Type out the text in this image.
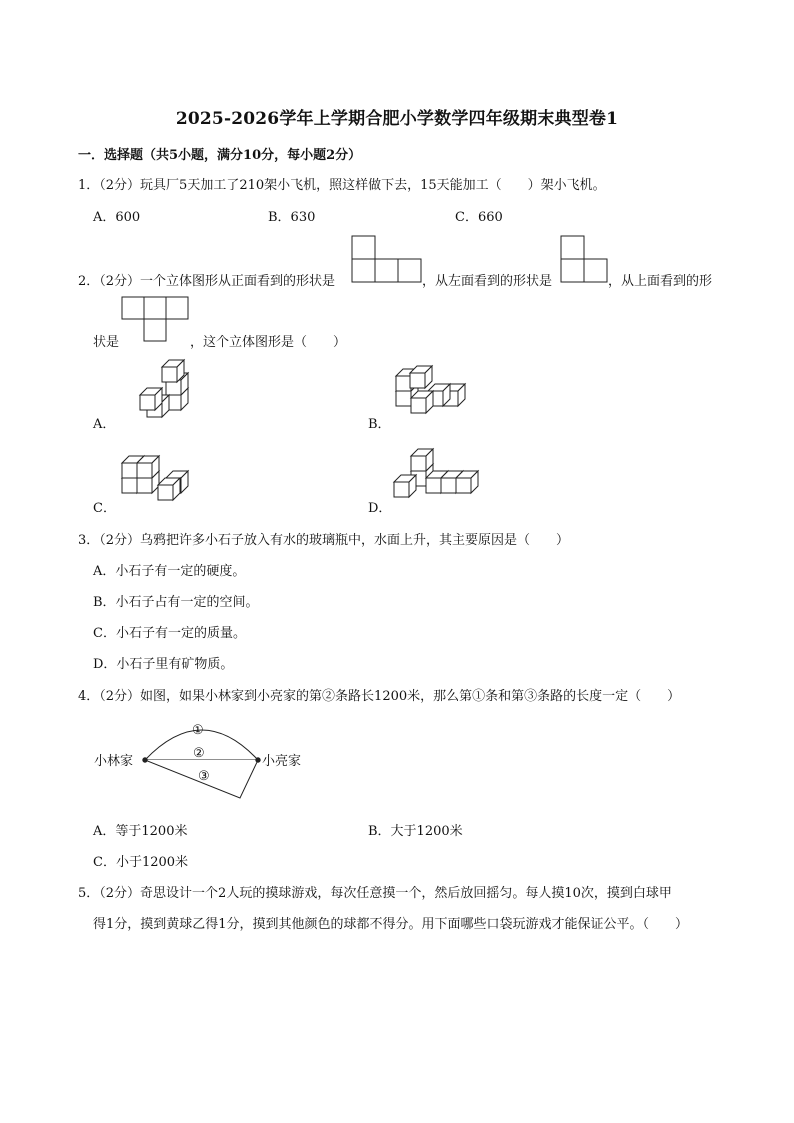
2025-2026学年上学期合肥小学数学四年级期末典型卷1
一．选择题（共5小题，满分10分，每小题2分）
1．（2分）玩具厂5天加工了210架小飞机，照这样做下去，15天能加工（　　）架小飞机。
A．600	B．630	C．660
2．（2分）一个立体图形从正面看到的形状是	，从左面看到的形状是	，从上面看到的形
状是	，这个立体图形是（　　）
A．	B．
C．	D．
3．（2分）乌鸦把许多小石子放入有水的玻璃瓶中，水面上升，其主要原因是（　　）
A．小石子有一定的硬度。
B．小石子占有一定的空间。
C．小石子有一定的质量。
D．小石子里有矿物质。
4．（2分）如图，如果小林家到小亮家的第②条路长1200米，那么第①条和第③条路的长度一定（　　）
小林家	小亮家
①
②
③
A．等于1200米	B．大于1200米
C．小于1200米
5．（2分）奇思设计一个2人玩的摸球游戏，每次任意摸一个，然后放回摇匀。每人摸10次，摸到白球甲
得1分，摸到黄球乙得1分，摸到其他颜色的球都不得分。用下面哪些口袋玩游戏才能保证公平。（　　）
